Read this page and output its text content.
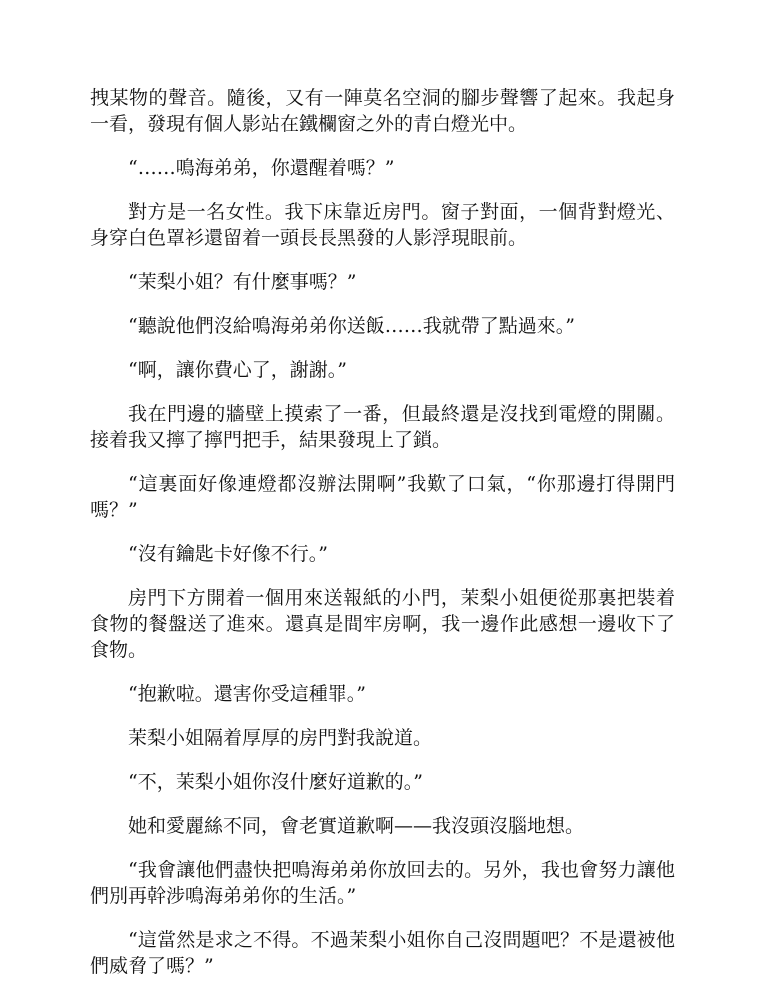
拽某物的聲音。隨後，又有一陣莫名空洞的腳步聲響了起來。我起身一看，發現有個人影站在鐵欄窗之外的青白燈光中。

“……鳴海弟弟，你還醒着嗎？”

對方是一名女性。我下床靠近房門。窗子對面，一個背對燈光、身穿白色罩衫還留着一頭長長黑發的人影浮現眼前。

“茉梨小姐？有什麼事嗎？”

“聽說他們沒給鳴海弟弟你送飯……我就帶了點過來。”

“啊，讓你費心了，謝謝。”

我在門邊的牆壁上摸索了一番，但最終還是沒找到電燈的開關。接着我又擰了擰門把手，結果發現上了鎖。

“這裏面好像連燈都沒辦法開啊”我歎了口氣，“你那邊打得開門嗎？”

“沒有鑰匙卡好像不行。”

房門下方開着一個用來送報紙的小門，茉梨小姐便從那裏把裝着食物的餐盤送了進來。還真是間牢房啊，我一邊作此感想一邊收下了食物。

“抱歉啦。還害你受這種罪。”

茉梨小姐隔着厚厚的房門對我說道。

“不，茉梨小姐你沒什麼好道歉的。”

她和愛麗絲不同，會老實道歉啊——我沒頭沒腦地想。

“我會讓他們盡快把鳴海弟弟你放回去的。另外，我也會努力讓他們別再幹涉鳴海弟弟你的生活。”

“這當然是求之不得。不過茉梨小姐你自己沒問題吧？不是還被他們威脅了嗎？”
